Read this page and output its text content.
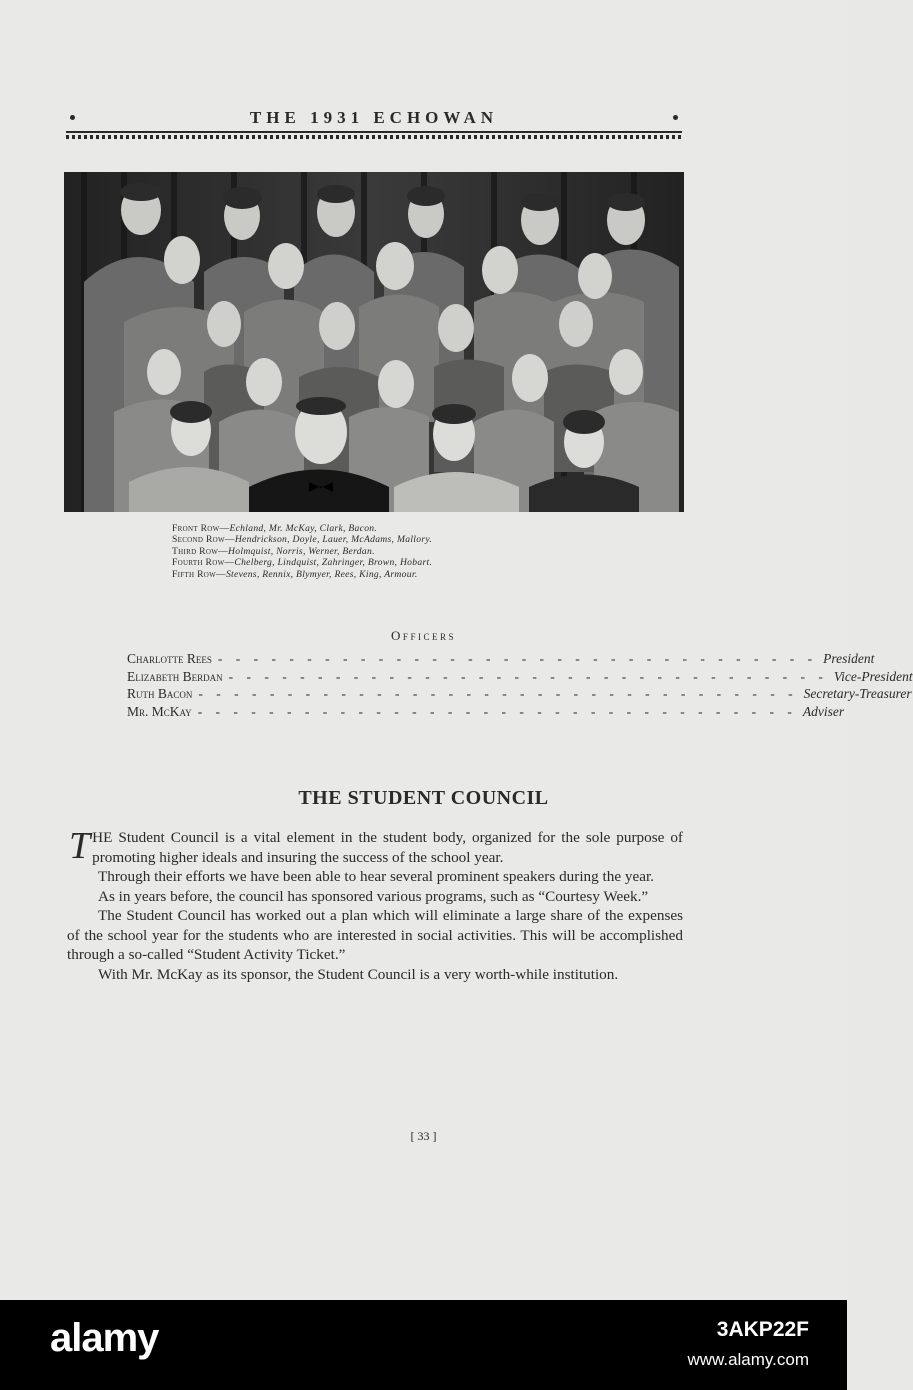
THE 1931 ECHOWAN
Front Row—Echland, Mr. McKay, Clark, Bacon.
Second Row—Hendrickson, Doyle, Lauer, McAdams, Mallory.
Third Row—Holmquist, Norris, Werner, Berdan.
Fourth Row—Chelberg, Lindquist, Zahringer, Brown, Hobart.
Fifth Row—Stevens, Rennix, Blymyer, Rees, King, Armour.
Officers
Charlotte Rees - - - - - - - - - - - - - - - - - - - - - - - - - - - - - - - - - - President
Elizabeth Berdan - - - - - - - - - - - - - - - - - - - - - - - - - - - - - - - - - - Vice-President
Ruth Bacon - - - - - - - - - - - - - - - - - - - - - - - - - - - - - - - - - - Secretary-Treasurer
Mr. McKay - - - - - - - - - - - - - - - - - - - - - - - - - - - - - - - - - - Adviser
THE STUDENT COUNCIL

THE Student Council is a vital element in the student body, organized for the sole purpose of promoting higher ideals and insuring the success of the school year.

Through their efforts we have been able to hear several prominent speakers during the year.

As in years before, the council has sponsored various programs, such as “Courtesy Week.”

The Student Council has worked out a plan which will eliminate a large share of the expenses of the school year for the students who are interested in social activities. This will be accomplished through a so-called “Student Activity Ticket.”

With Mr. McKay as its sponsor, the Student Council is a very worth-while institution.

[ 33 ]
alamy	3AKP22F
www.alamy.com
